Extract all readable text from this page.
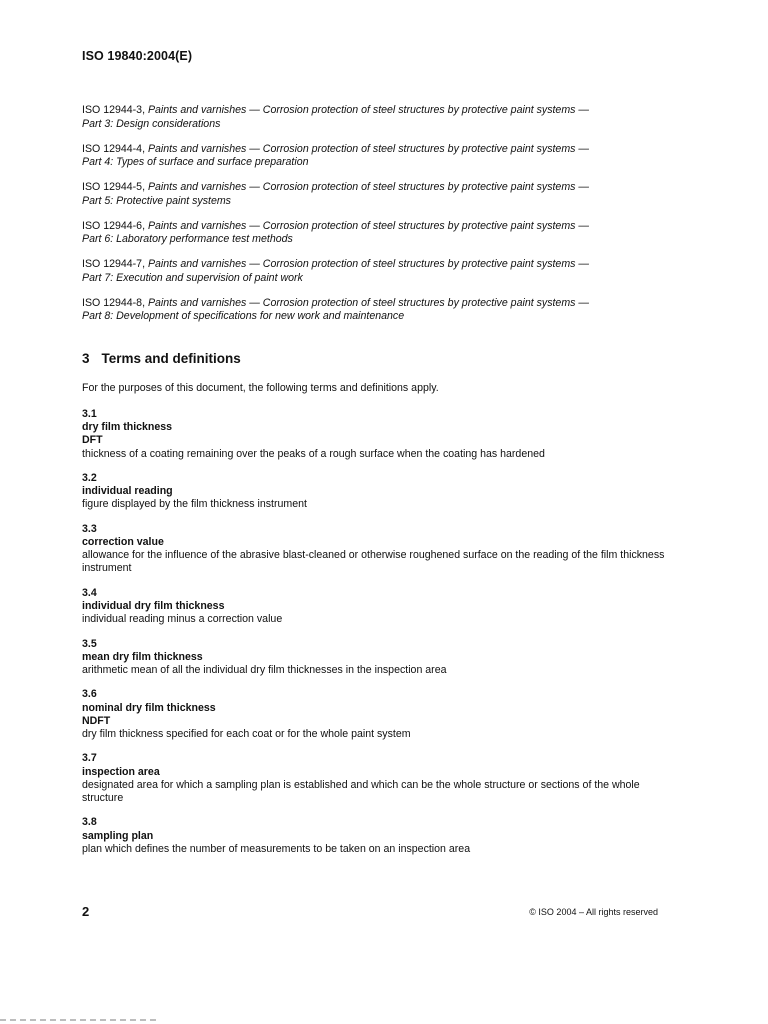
ISO 19840:2004(E)
ISO 12944-3, Paints and varnishes — Corrosion protection of steel structures by protective paint systems —
Part 3: Design considerations
ISO 12944-4, Paints and varnishes — Corrosion protection of steel structures by protective paint systems —
Part 4: Types of surface and surface preparation
ISO 12944-5, Paints and varnishes — Corrosion protection of steel structures by protective paint systems —
Part 5: Protective paint systems
ISO 12944-6, Paints and varnishes — Corrosion protection of steel structures by protective paint systems —
Part 6: Laboratory performance test methods
ISO 12944-7, Paints and varnishes — Corrosion protection of steel structures by protective paint systems —
Part 7: Execution and supervision of paint work
ISO 12944-8, Paints and varnishes — Corrosion protection of steel structures by protective paint systems —
Part 8: Development of specifications for new work and maintenance
3 Terms and definitions
For the purposes of this document, the following terms and definitions apply.
3.1
dry film thickness
DFT
thickness of a coating remaining over the peaks of a rough surface when the coating has hardened
3.2
individual reading
figure displayed by the film thickness instrument
3.3
correction value
allowance for the influence of the abrasive blast-cleaned or otherwise roughened surface on the reading of the film thickness instrument
3.4
individual dry film thickness
individual reading minus a correction value
3.5
mean dry film thickness
arithmetic mean of all the individual dry film thicknesses in the inspection area
3.6
nominal dry film thickness
NDFT
dry film thickness specified for each coat or for the whole paint system
3.7
inspection area
designated area for which a sampling plan is established and which can be the whole structure or sections of the whole structure
3.8
sampling plan
plan which defines the number of measurements to be taken on an inspection area
2	© ISO 2004 – All rights reserved
